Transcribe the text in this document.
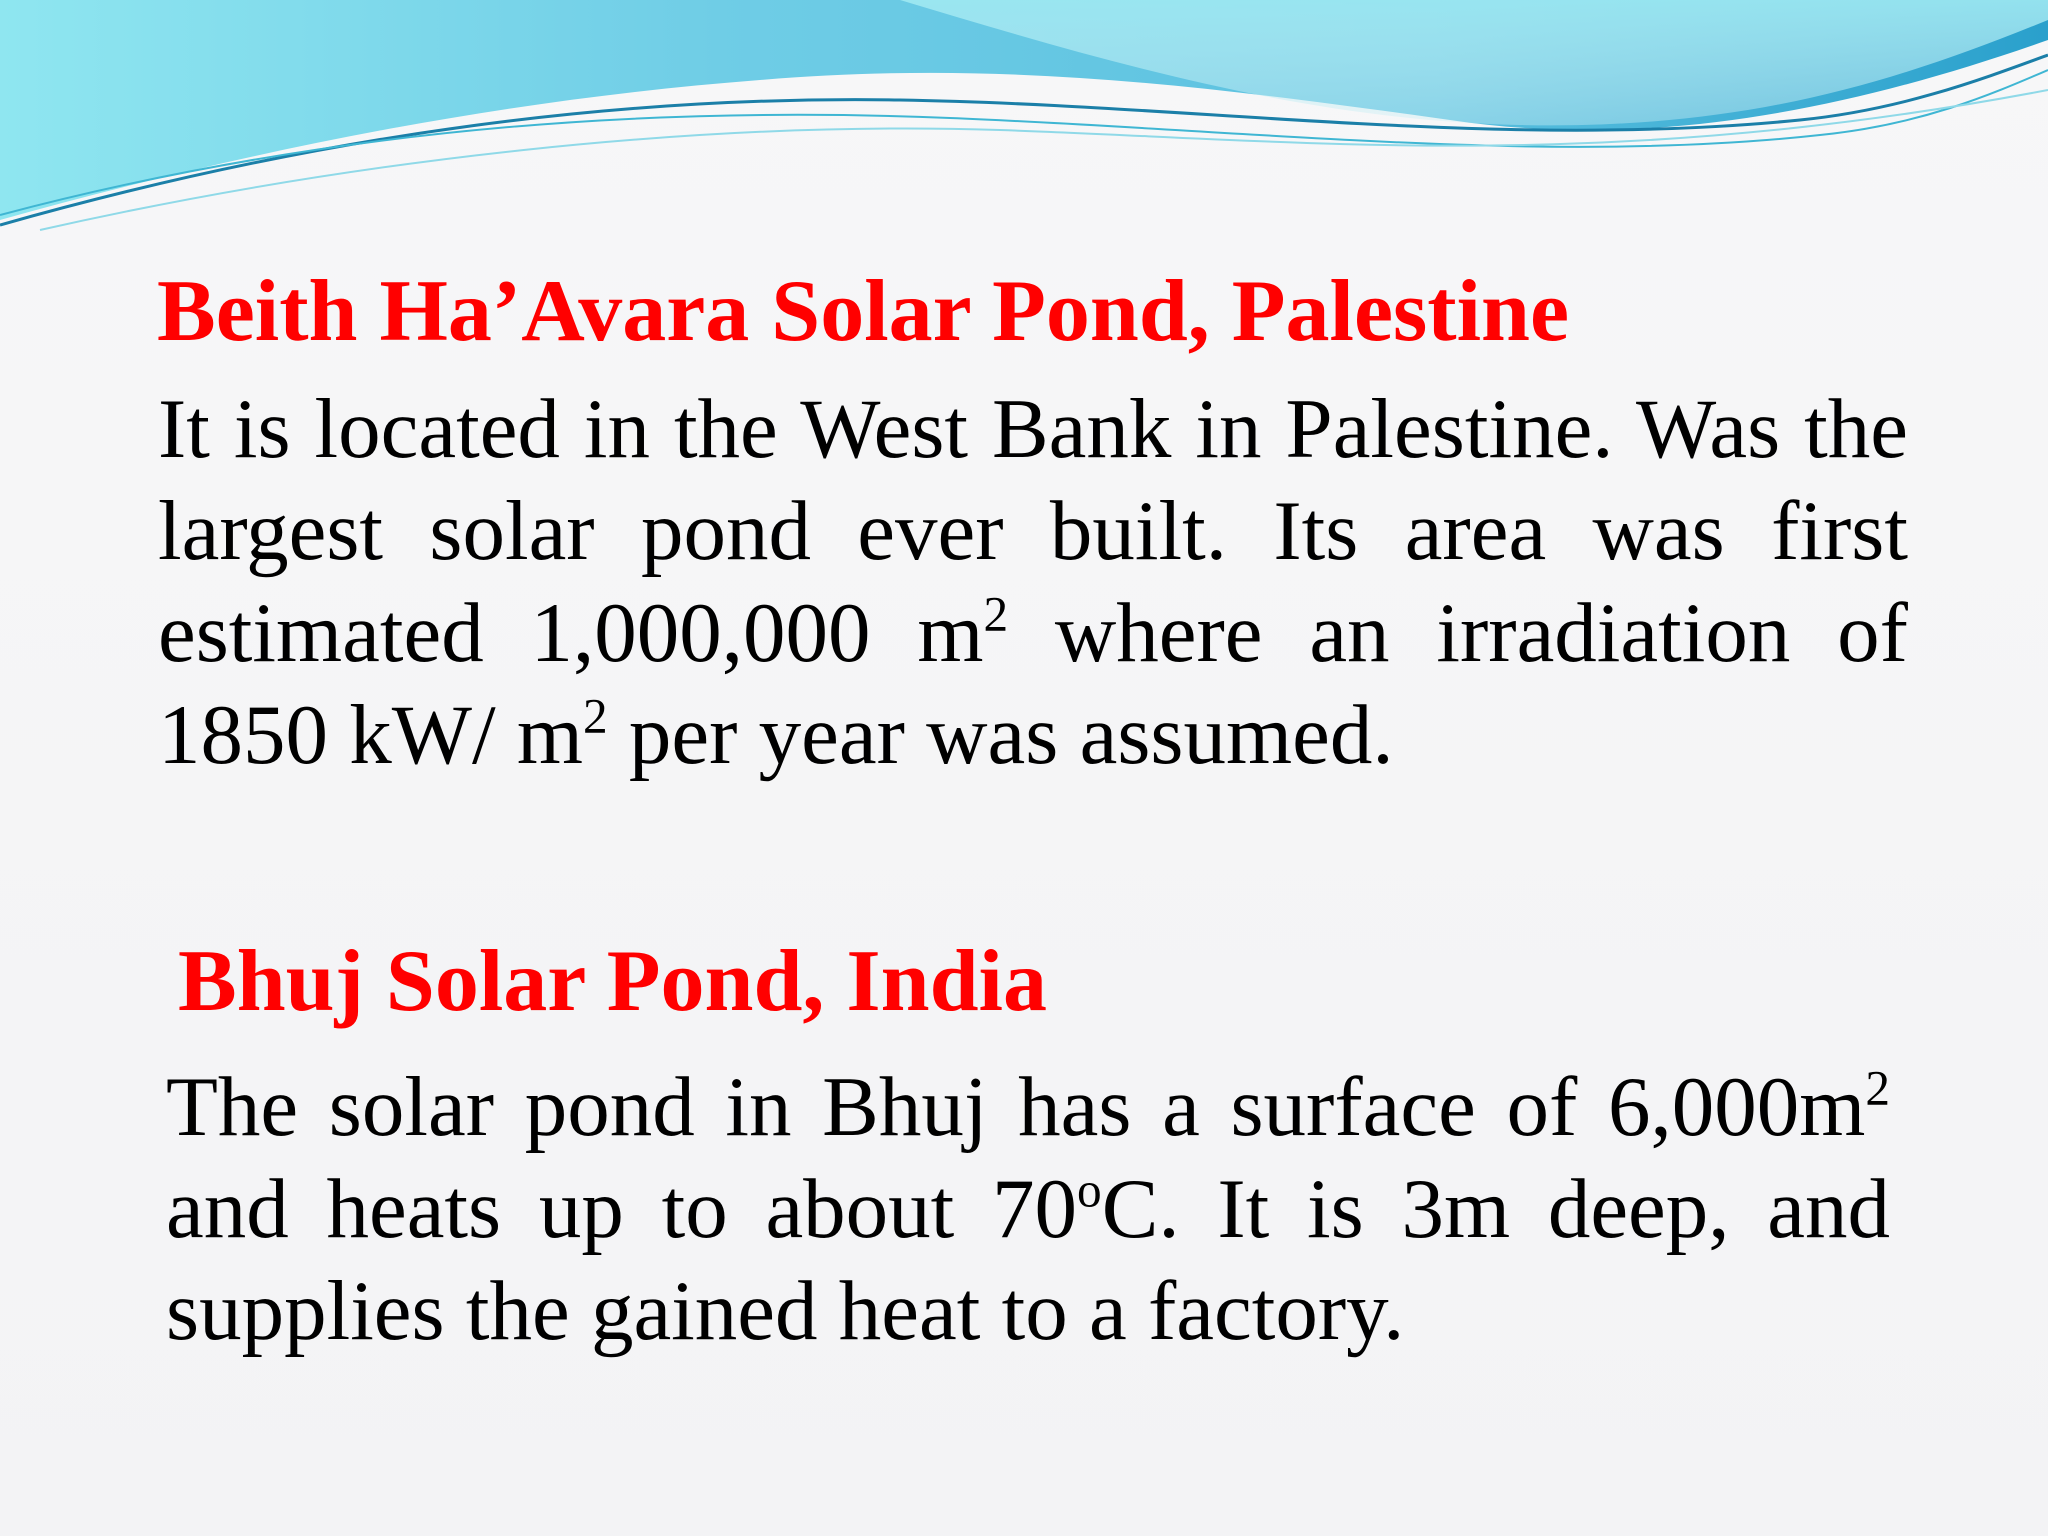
Beith Ha’Avara Solar Pond, Palestine

It is located in the West Bank in Palestine. Was the largest solar pond ever built. Its area was first estimated 1,000,000 $m^2$ where an irradiation of 1850 kW/ $m^2$ per year was assumed.

Bhuj Solar Pond, India

The solar pond in Bhuj has a surface of $6,000m^2$ and heats up to about 70$^o$C. It is 3m deep, and supplies the gained heat to a factory.
